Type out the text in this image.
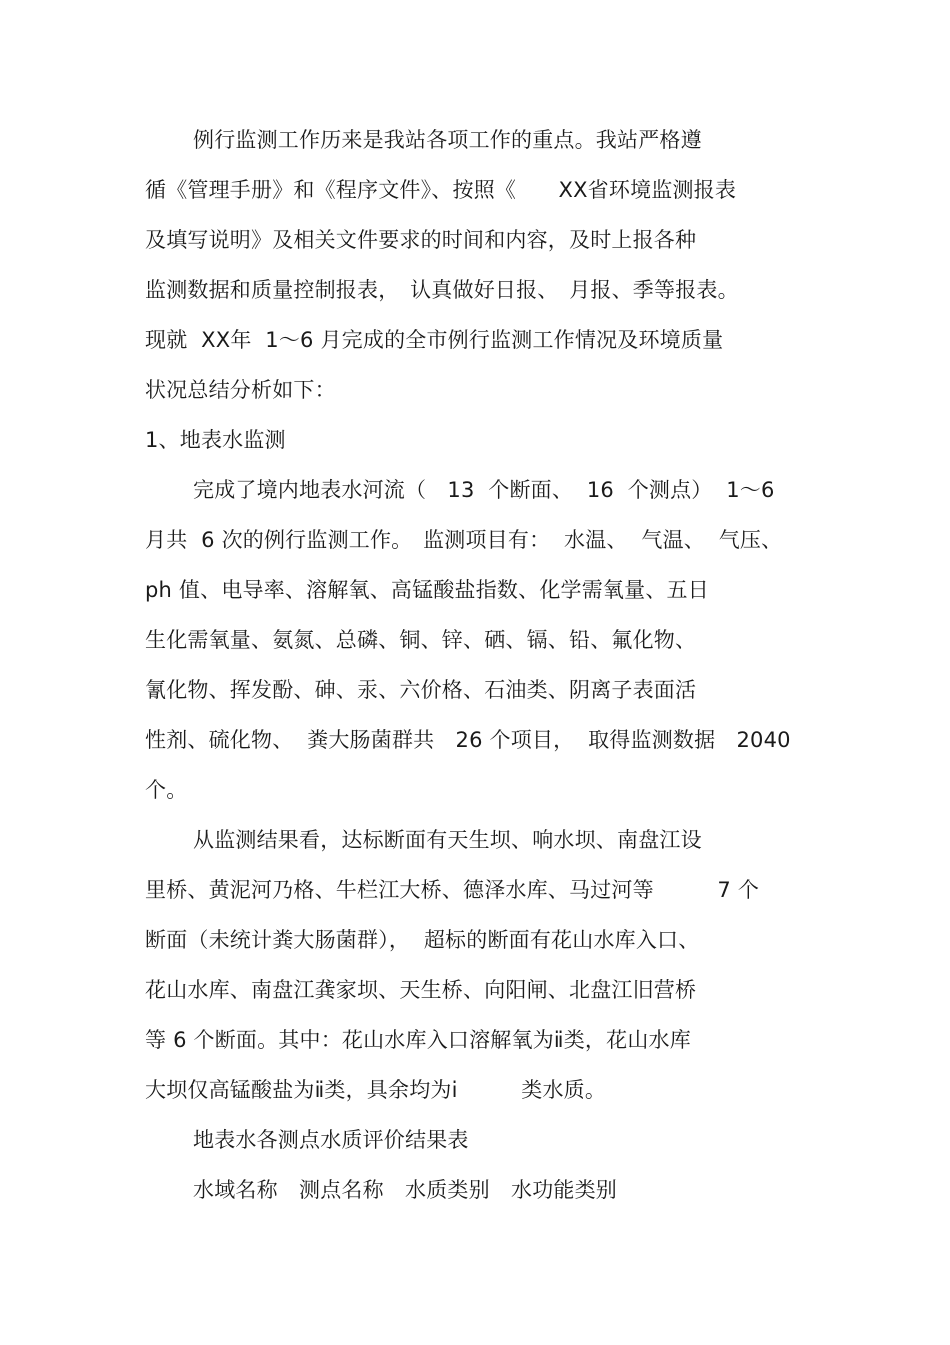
例行监测工作历来是我站各项工作的重点。我站严格遵
循《管理手册》和《程序文件》、按照《　　XX省环境监测报表
及填写说明》及相关文件要求的时间和内容，及时上报各种
监测数据和质量控制报表，　认真做好日报、　月报、季等报表。
现就  XX年  1～6 月完成的全市例行监测工作情况及环境质量
状况总结分析如下：
1、地表水监测
完成了境内地表水河流（　13  个断面、  16  个测点）  1～6
月共  6 次的例行监测工作。　监测项目有：  水温、  气温、  气压、
ph 值、电导率、溶解氧、高锰酸盐指数、化学需氧量、五日
生化需氧量、氨氮、总磷、铜、锌、硒、镉、铅、氟化物、
氰化物、挥发酚、砷、汞、六价格、石油类、阴离子表面活
性剂、硫化物、  粪大肠菌群共　26 个项目，  取得监测数据　2040
个。
从监测结果看，达标断面有天生坝、响水坝、南盘江设
里桥、黄泥河乃格、牛栏江大桥、德泽水库、马过河等　　　7 个
断面（未统计粪大肠菌群），  超标的断面有花山水库入口、
花山水库、南盘江龚家坝、天生桥、向阳闸、北盘江旧营桥
等 6 个断面。其中：花山水库入口溶解氧为ⅱ类，花山水库
大坝仅高锰酸盐为ⅱ类，具余均为ⅰ　　　类水质。
地表水各测点水质评价结果表
水域名称　测点名称　水质类别　水功能类别
